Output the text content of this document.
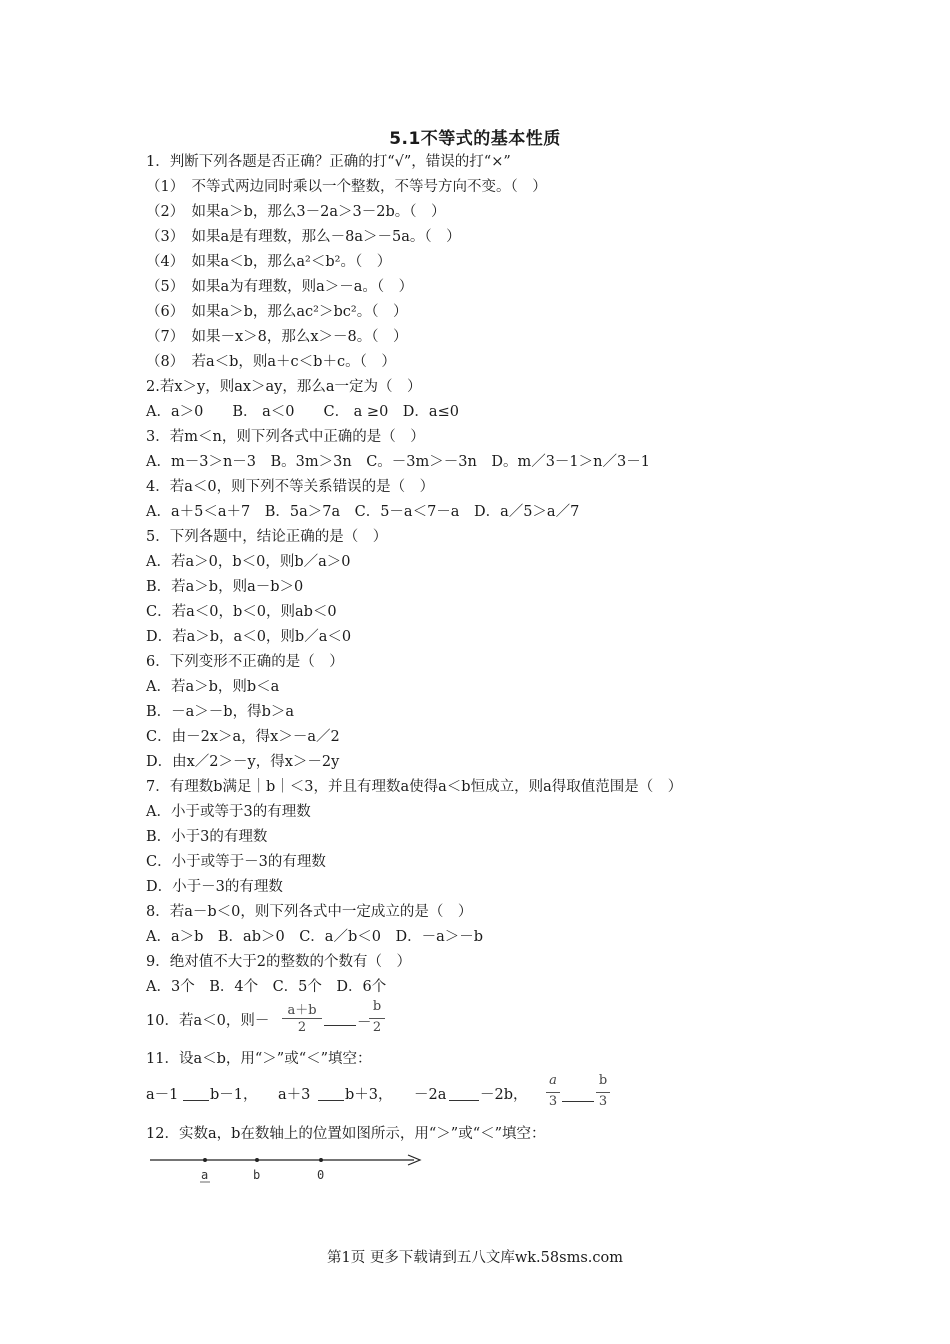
5.1不等式的基本性质
1．判断下列各题是否正确？正确的打“√”，错误的打“×”
（1）　不等式两边同时乘以一个整数，不等号方向不变。（　）
（2）　如果a＞b，那么3－2a＞3－2b。（　）
（3）　如果a是有理数，那么－8a＞－5a。（　）
（4）　如果a＜b，那么a²＜b²。（　）
（5）　如果a为有理数，则a＞－a。（　）
（6）　如果a＞b，那么ac²＞bc²。（　）
（7）　如果－x＞8，那么x＞－8。（　）
（8）　若a＜b，则a＋c＜b＋c。（　）
2.若x＞y，则ax＞ay，那么a一定为（　）
A．a＞0　　B． a＜0　　C． a ≥0　D．a≤0
3．若m＜n，则下列各式中正确的是（　）
A．m－3＞n－3　B。3m＞3n　C。－3m＞－3n　D。m／3－1＞n／3－1
4．若a＜0，则下列不等关系错误的是（　）
A．a＋5＜a＋7　B．5a＞7a　C．5－a＜7－a　D．a／5＞a／7
5．下列各题中，结论正确的是（　）
A．若a＞0，b＜0，则b／a＞0
B．若a＞b，则a－b＞0
C．若a＜0，b＜0，则ab＜0
D．若a＞b，a＜0，则b／a＜0
6．下列变形不正确的是（　）
A．若a＞b，则b＜a
B．－a＞－b，得b＞a
C．由－2x＞a，得x＞－a／2
D．由x／2＞－y，得x＞－2y
7．有理数b满足｜b｜＜3，并且有理数a使得a＜b恒成立，则a得取值范围是（　）
A．小于或等于3的有理数
B．小于3的有理数
C．小于或等于－3的有理数
D．小于－3的有理数
8．若a－b＜0，则下列各式中一定成立的是（　）
A．a＞b　B．ab＞0　C．a／b＜0　D．－a＞－b
9．绝对值不大于2的整数的个数有（　）
A．3个　B．4个　C．5个　D．6个
10．若a＜0，则－
a＋b
2	－
b
2
11．设a＜b，用“＞”或“＜”填空：
a－1 b－1， a＋3 b＋3， －2a －2b，
a
3
b
3
12．实数a，b在数轴上的位置如图所示，用“＞”或“＜”填空：
a	b	0
第1页 更多下载请到五八文库wk.58sms.com
